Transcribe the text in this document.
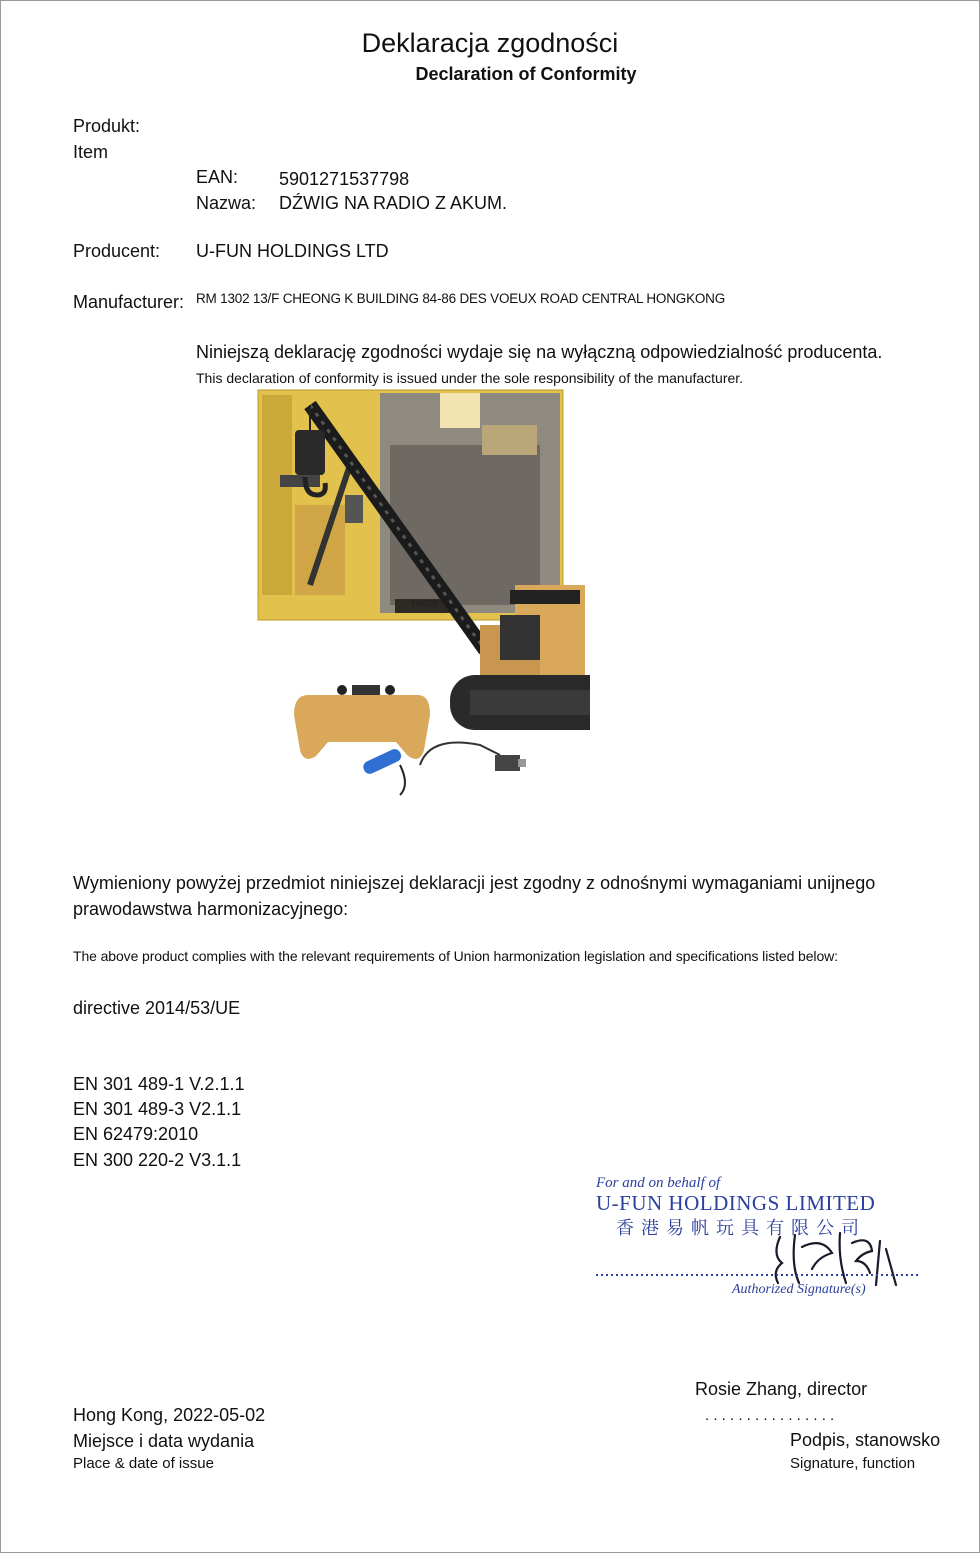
Deklaracja zgodności
Declaration of Conformity
Produkt:
Item
EAN: 5901271537798
Nazwa: DŹWIG NA RADIO Z AKUM.
Producent: U-FUN HOLDINGS LTD
Manufacturer: RM 1302 13/F CHEONG K BUILDING 84-86 DES VOEUX ROAD CENTRAL HONGKONG
Niniejszą deklarację zgodności wydaje się na wyłączną odpowiedzialność producenta.
This declaration of conformity is issued under the sole responsibility of the manufacturer.
TRUCK
Wymieniony powyżej przedmiot niniejszej deklaracji jest zgodny z odnośnymi wymaganiami unijnego
prawodawstwa harmonizacyjnego:
The above product complies with the relevant requirements of Union harmonization legislation and specifications listed below:
directive 2014/53/UE
EN 301 489-1 V.2.1.1
EN 301 489-3 V2.1.1
EN 62479:2010
EN 300 220-2 V3.1.1
For and on behalf of
U-FUN HOLDINGS LIMITED
香港易帆玩具有限公司
Authorized Signature(s)
Rosie Zhang, director
. . . . . . . . . . . . . . . .
Podpis, stanowsko
Signature, function
Hong Kong, 2022-05-02
Miejsce i data wydania
Place & date of issue
